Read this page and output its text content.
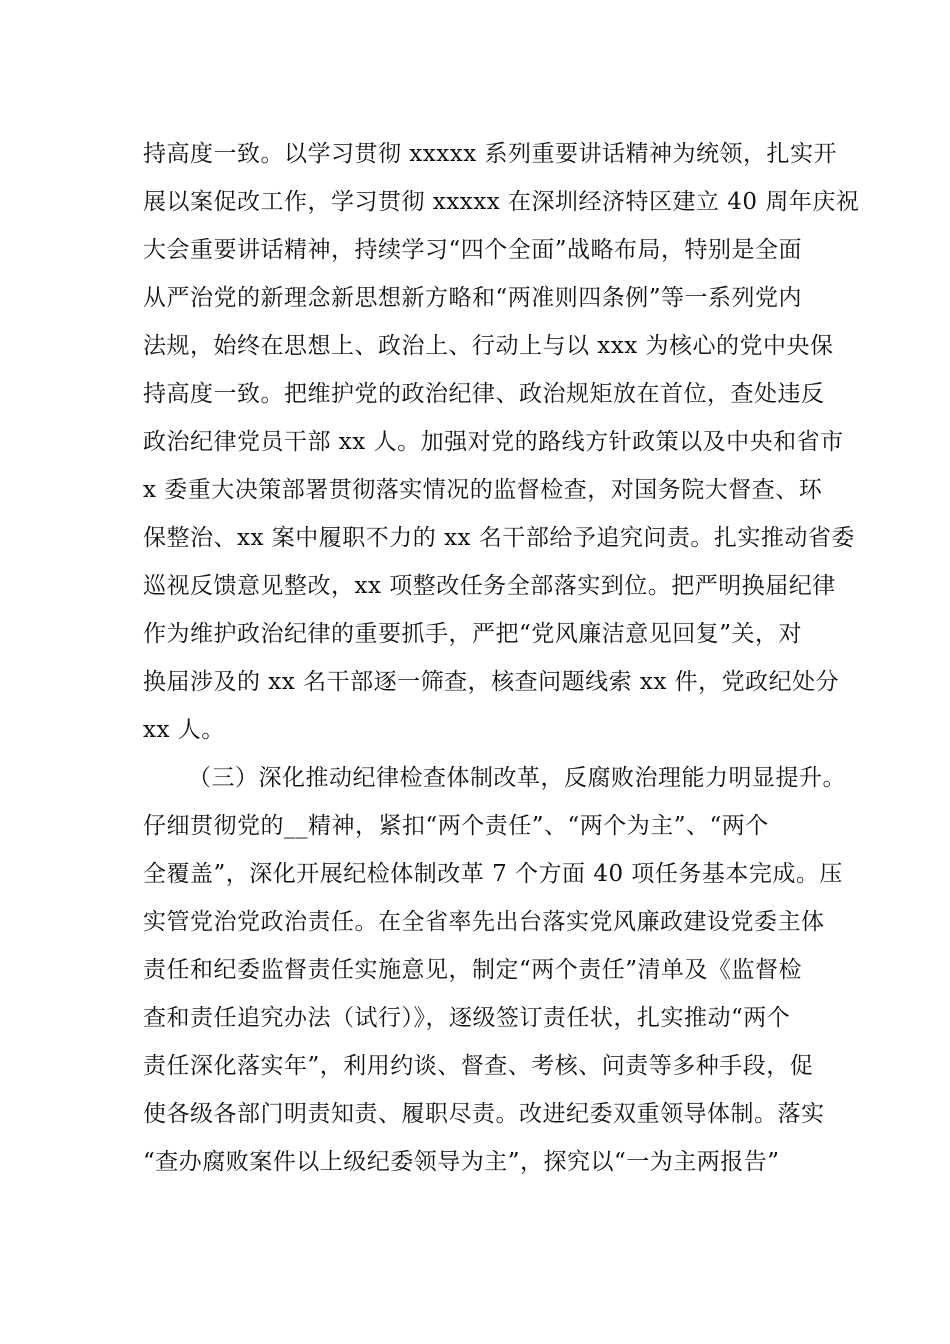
持高度一致。以学习贯彻 xxxxx 系列重要讲话精神为统领，扎实开
展以案促改工作，学习贯彻 xxxxx 在深圳经济特区建立 40 周年庆祝
大会重要讲话精神，持续学习“四个全面”战略布局，特别是全面
从严治党的新理念新思想新方略和“两准则四条例”等一系列党内
法规，始终在思想上、政治上、行动上与以 xxx 为核心的党中央保
持高度一致。把维护党的政治纪律、政治规矩放在首位，查处违反
政治纪律党员干部 xx 人。加强对党的路线方针政策以及中央和省市
x 委重大决策部署贯彻落实情况的监督检查，对国务院大督查、环
保整治、xx 案中履职不力的 xx 名干部给予追究问责。扎实推动省委
巡视反馈意见整改，xx 项整改任务全部落实到位。把严明换届纪律
作为维护政治纪律的重要抓手，严把“党风廉洁意见回复”关，对
换届涉及的 xx 名干部逐一筛查，核查问题线索 xx 件，党政纪处分
xx 人。
（三）深化推动纪律检查体制改革，反腐败治理能力明显提升。
仔细贯彻党的__精神，紧扣“两个责任”、“两个为主”、“两个
全覆盖”，深化开展纪检体制改革 7 个方面 40 项任务基本完成。压
实管党治党政治责任。在全省率先出台落实党风廉政建设党委主体
责任和纪委监督责任实施意见，制定“两个责任”清单及《监督检
查和责任追究办法（试行）》，逐级签订责任状，扎实推动“两个
责任深化落实年”，利用约谈、督查、考核、问责等多种手段，促
使各级各部门明责知责、履职尽责。改进纪委双重领导体制。落实
“查办腐败案件以上级纪委领导为主”，探究以“一为主两报告”
